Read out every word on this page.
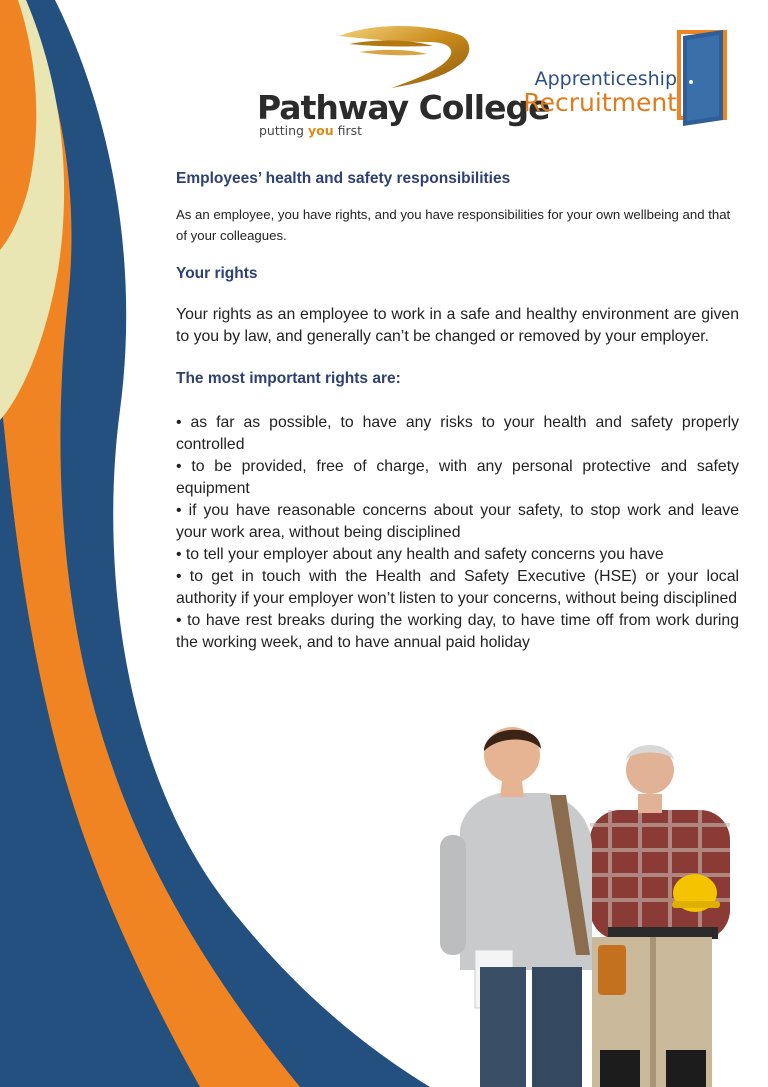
Pathway College
putting you first
Apprenticeship
Recruitment
Employees’ health and safety responsibilities

As an employee, you have rights, and you have responsibilities for your own wellbeing and that of your colleagues.

Your rights

Your rights as an employee to work in a safe and healthy environment are given to you by law, and generally can’t be changed or removed by your employer.

The most important rights are:
• as far as possible, to have any risks to your health and safety properly controlled
• to be provided, free of charge, with any personal protective and safety equipment
• if you have reasonable concerns about your safety, to stop work and leave your work area, without being disciplined
• to tell your employer about any health and safety concerns you have
• to get in touch with the Health and Safety Executive (HSE) or your local authority if your employer won’t listen to your concerns, without being disciplined
• to have rest breaks during the working day, to have time off from work during the working week, and to have annual paid holiday
